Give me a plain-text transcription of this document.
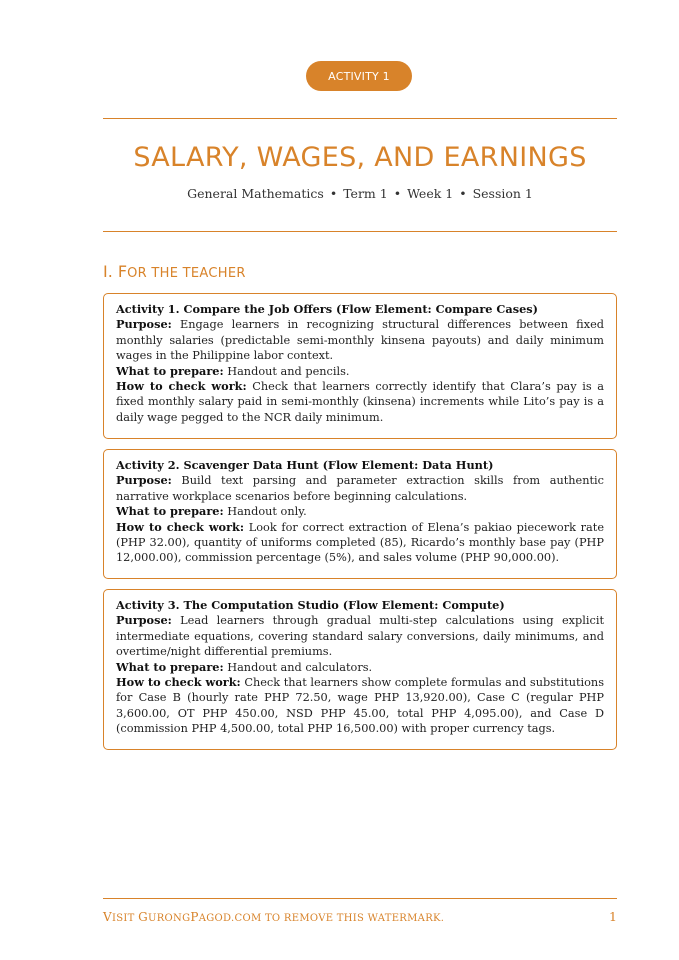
ACTIVITY 1
SALARY, WAGES, AND EARNINGS
General Mathematics • Term 1 • Week 1 • Session 1
I. FOR THE TEACHER

Activity 1. Compare the Job Offers (Flow Element: Compare Cases)

Purpose: Engage learners in recognizing structural differences between fixed monthly salaries (predictable semi-monthly kinsena payouts) and daily minimum wages in the Philippine labor context.

What to prepare: Handout and pencils.

How to check work: Check that learners correctly identify that Clara’s pay is a fixed monthly salary paid in semi-monthly (kinsena) increments while Lito’s pay is a daily wage pegged to the NCR daily minimum.

Activity 2. Scavenger Data Hunt (Flow Element: Data Hunt)

Purpose: Build text parsing and parameter extraction skills from authentic narrative workplace scenarios before beginning calculations.

What to prepare: Handout only.

How to check work: Look for correct extraction of Elena’s pakiao piecework rate (PHP 32.00), quantity of uniforms completed (85), Ricardo’s monthly base pay (PHP 12,000.00), commission percentage (5%), and sales volume (PHP 90,000.00).

Activity 3. The Computation Studio (Flow Element: Compute)

Purpose: Lead learners through gradual multi-step calculations using explicit intermediate equations, covering standard salary conversions, daily minimums, and overtime/night differential premiums.

What to prepare: Handout and calculators.

How to check work: Check that learners show complete formulas and substitutions for Case B (hourly rate PHP 72.50, wage PHP 13,920.00), Case C (regular PHP 3,600.00, OT PHP 450.00, NSD PHP 45.00, total PHP 4,095.00), and Case D (commission PHP 4,500.00, total PHP 16,500.00) with proper currency tags.

VISIT GURONGPAGOD.COM TO REMOVE THIS WATERMARK.	1
